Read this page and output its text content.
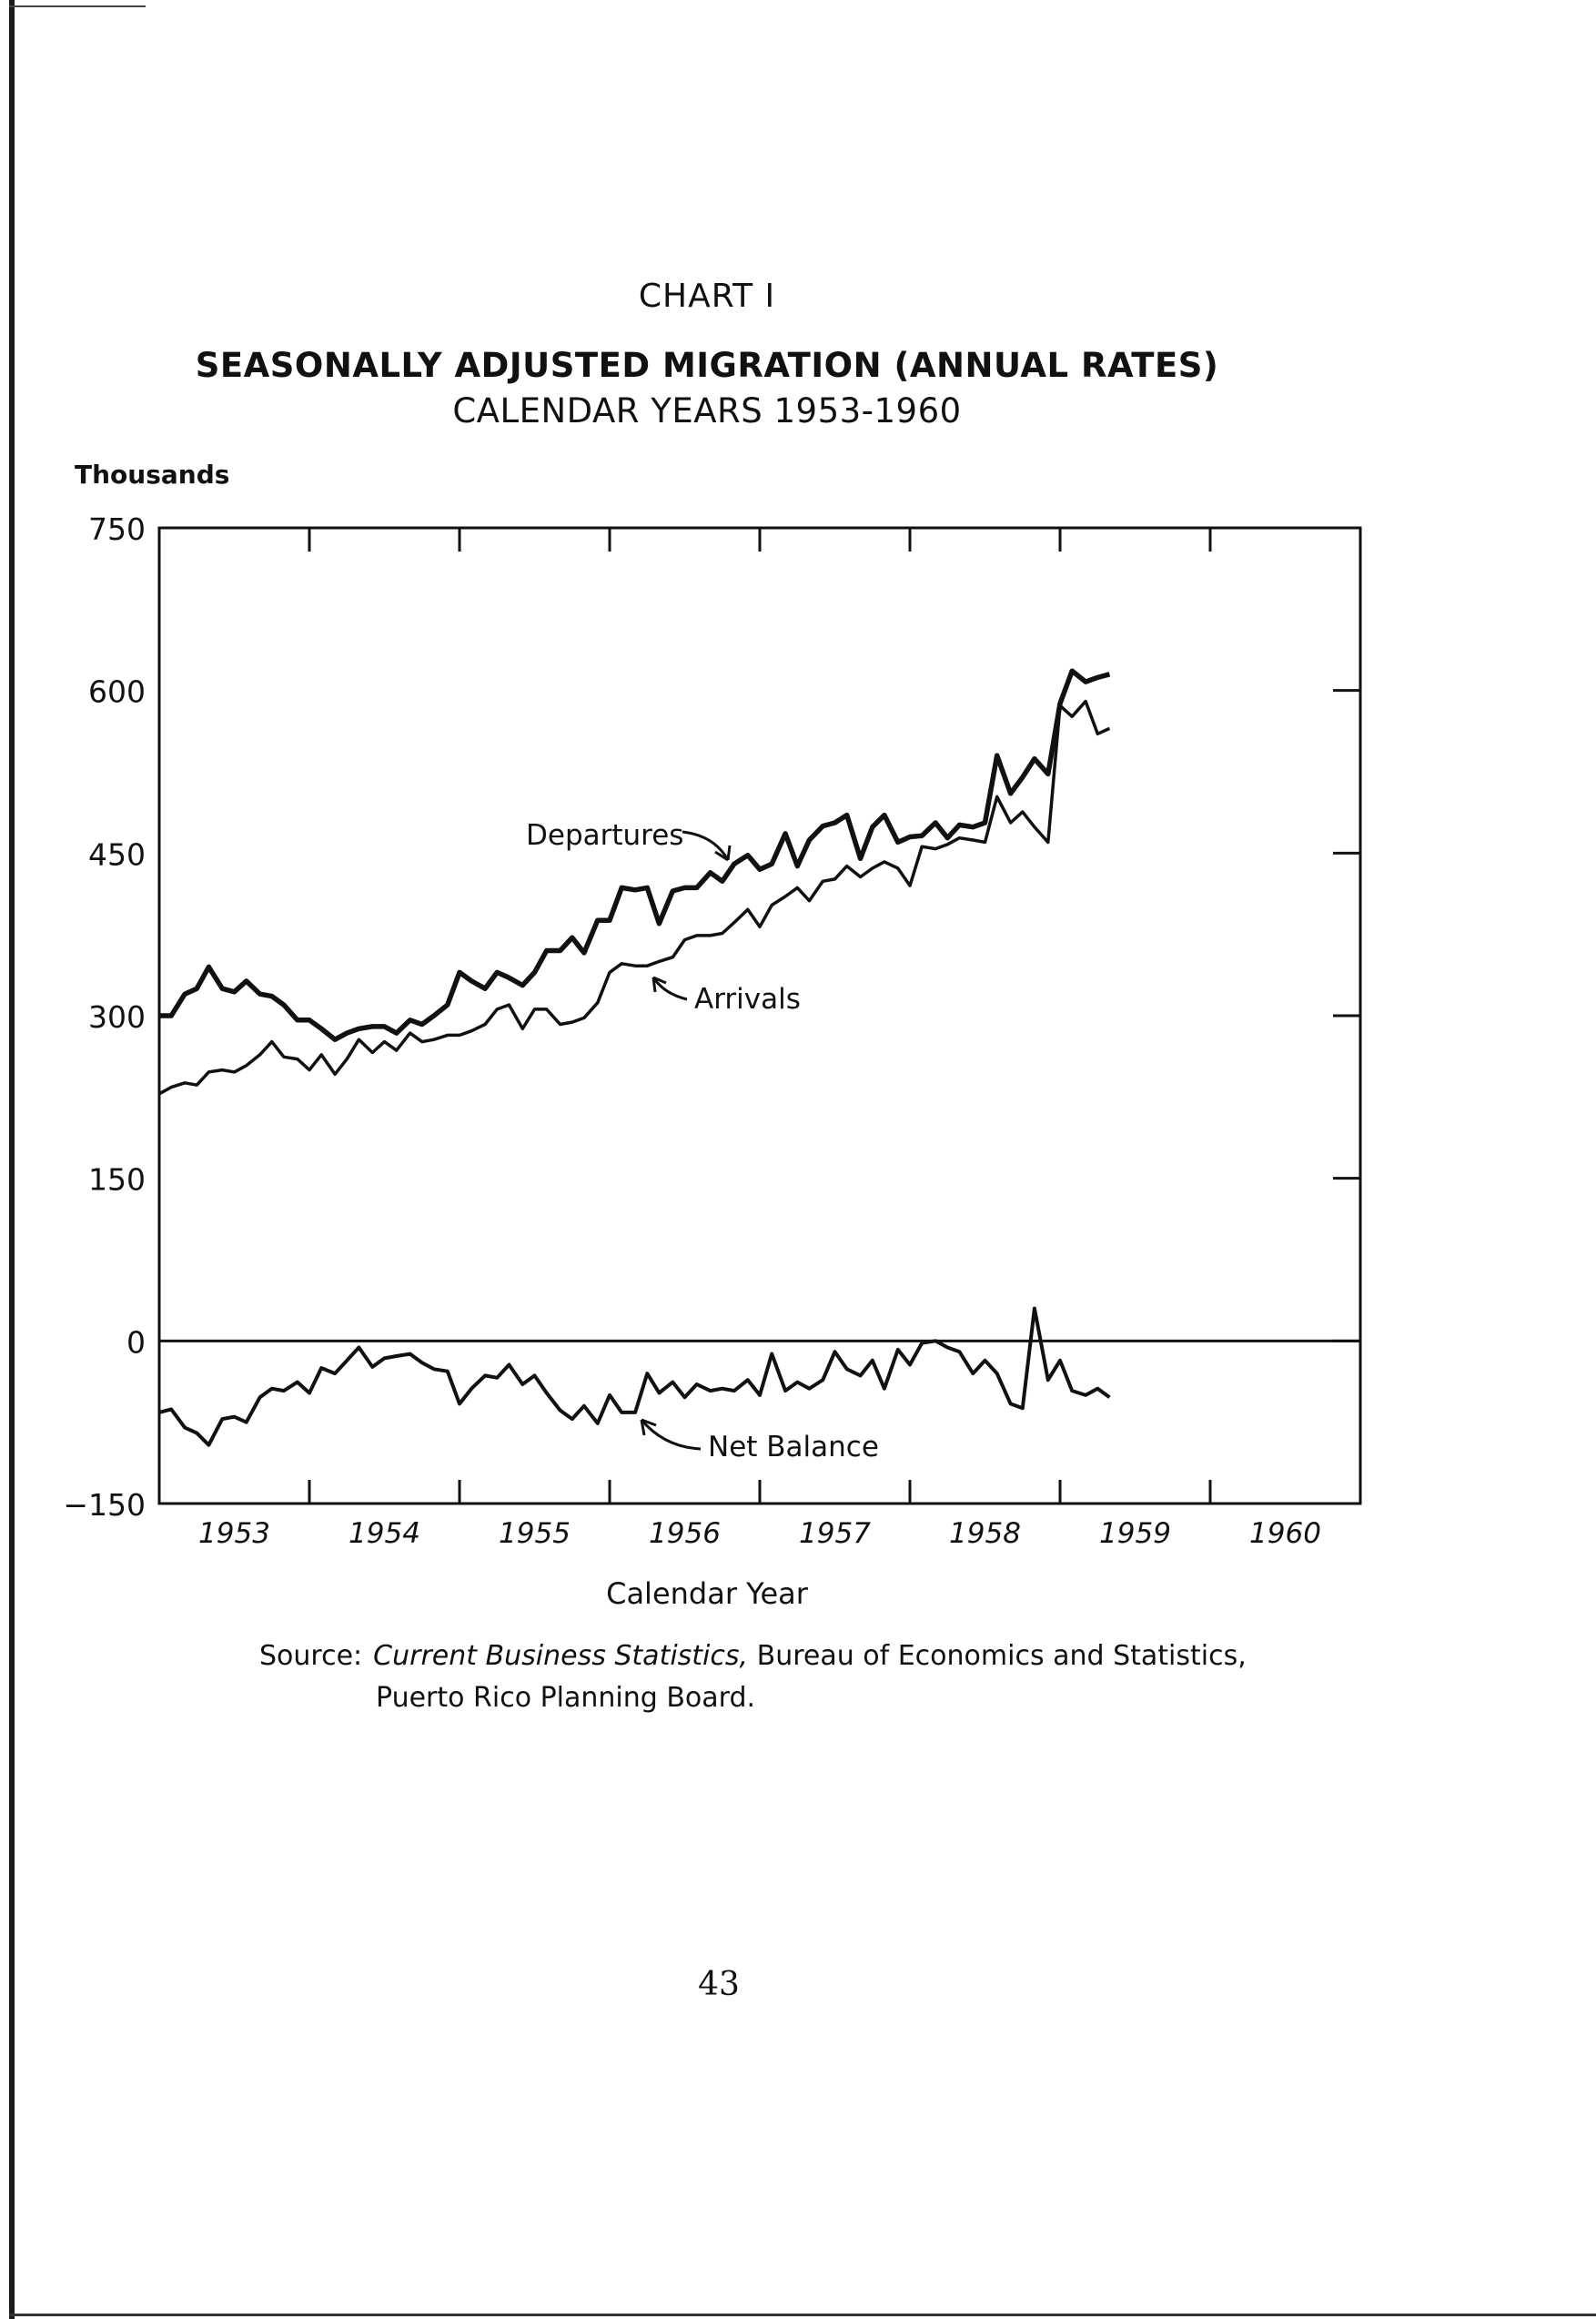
CHART I
SEASONALLY ADJUSTED MIGRATION (ANNUAL RATES)
CALENDAR YEARS 1953-1960
Thousands
−150
0
150
300
450
600
750
1953	1954	1955	1956	1957	1958	1959	1960
Departures
Arrivals
Net Balance
Calendar Year
Source: Current Business Statistics, Bureau of Economics and Statistics,
Puerto Rico Planning Board.
43
